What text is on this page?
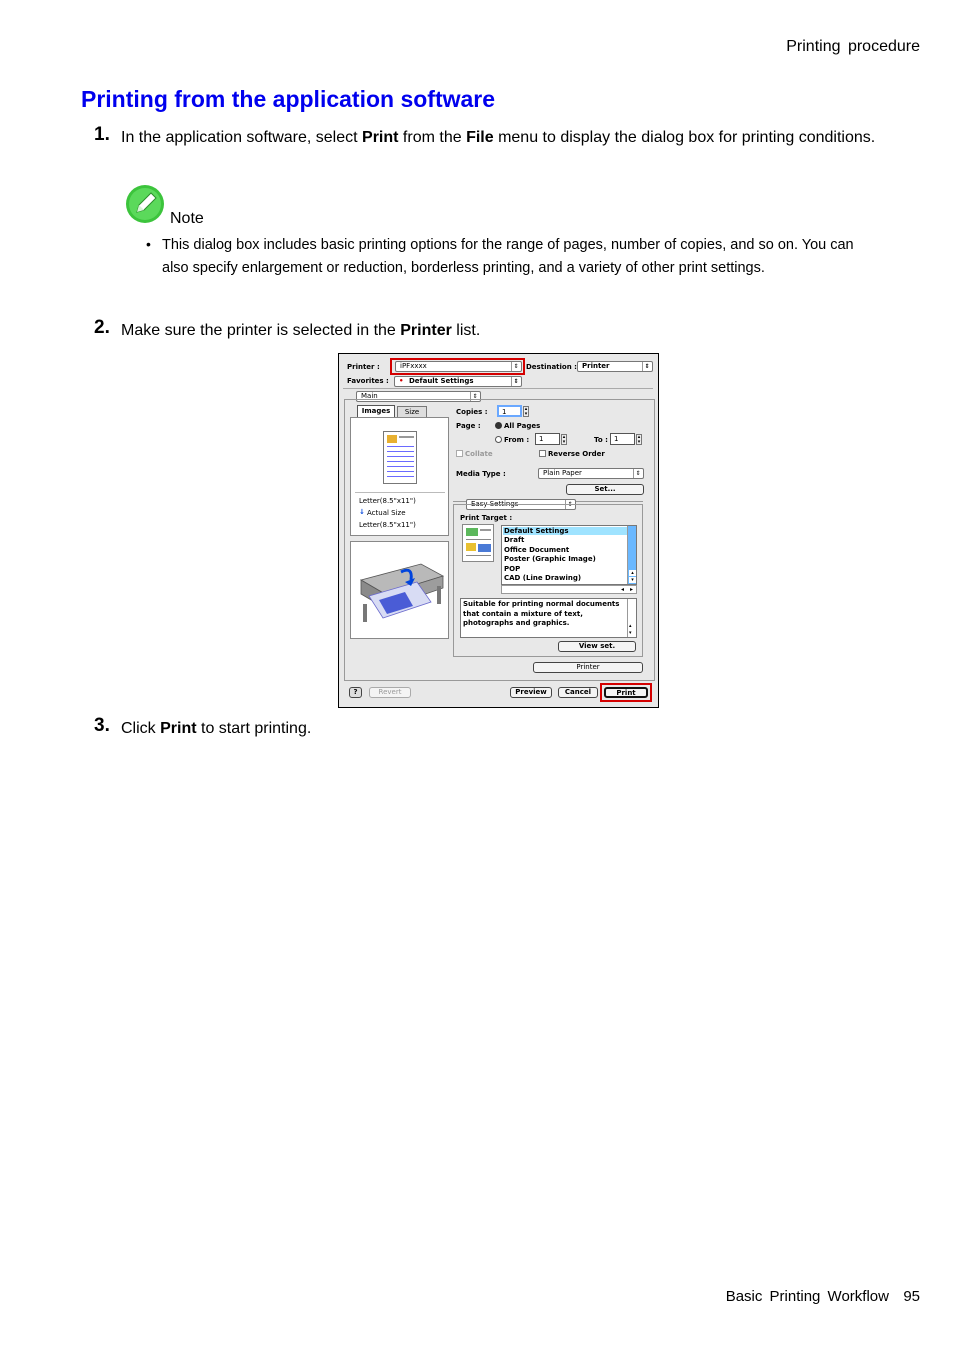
Printing procedure
Printing from the application software
1. In the application software, select Print from the File menu to display the dialog box for printing conditions.
Note
• This dialog box includes basic printing options for the range of pages, number of copies, and so on. You can also specify enlargement or reduction, borderless printing, and a variety of other print settings.
2. Make sure the printer is selected in the Printer list.
Printer :	iPFxxxx	⇕ Destination : Printer	⇕
Favorites : • Default Settings	⇕
Main	⇕
Images	Size
Letter(8.5"x11")
↓ Actual Size
Letter(8.5"x11")
Copies :	1	▴
▾
Page :	All Pages
From :	1	▴
▾	To : 1	▴
▾
Collate	Reverse Order
Media Type :	Plain Paper	⇕
Set...
Easy Settings	⇕
Print Target :
Default Settings
Draft
Office Document
Poster (Graphic Image)
POP
CAD (Line Drawing)
▴
▾
◂ ▸
Suitable for printing normal documents that contain a mixture of text, photographs and graphics.	▴
▾
View set.
Printer
?	Revert	Preview	Cancel	Print
3. Click Print to start printing.
Basic Printing Workflow 95
